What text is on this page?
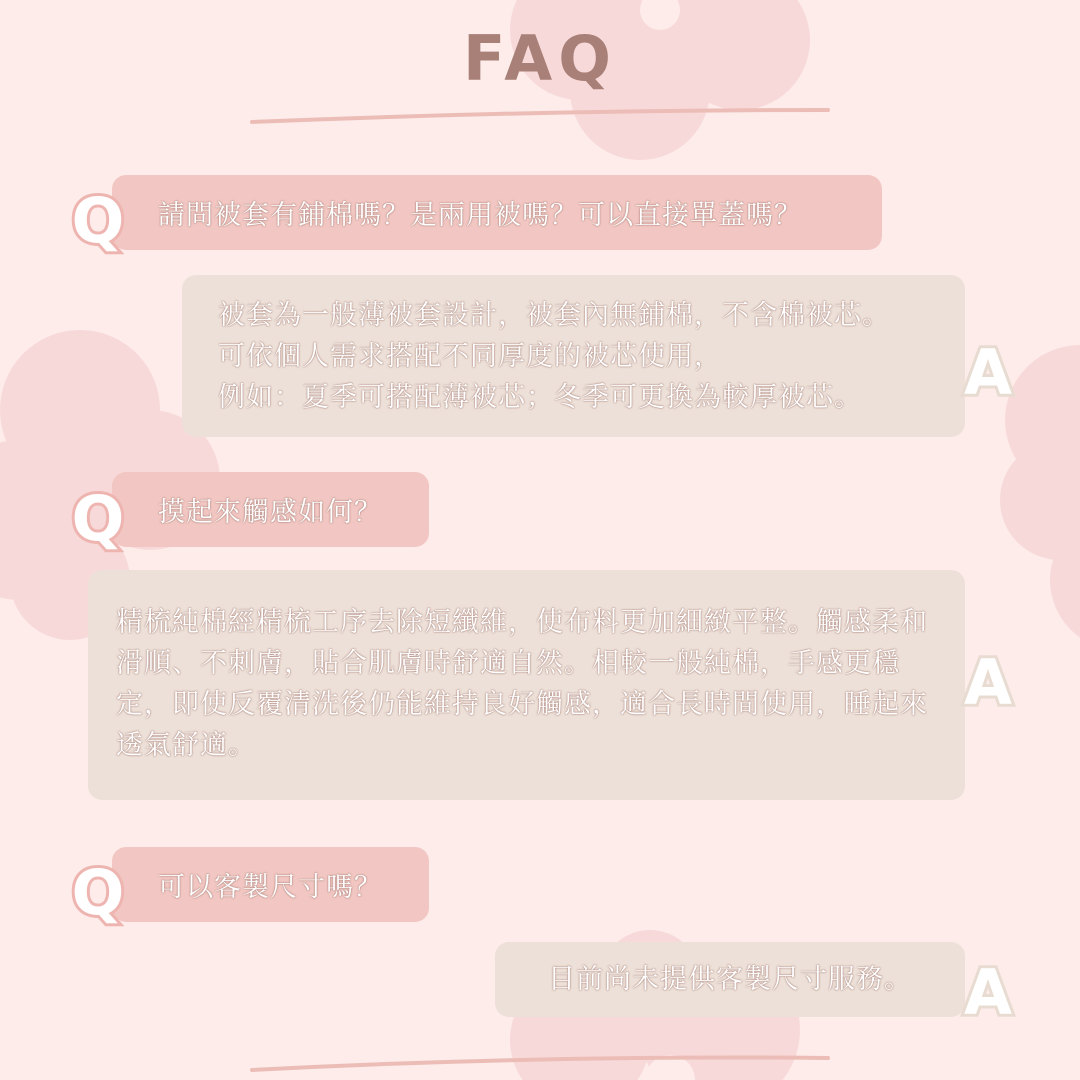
FAQ
請問被套有鋪棉嗎？是兩用被嗎？可以直接單蓋嗎？
Q

被套為一般薄被套設計，被套內無鋪棉，不含棉被芯。
可依個人需求搭配不同厚度的被芯使用，
例如：夏季可搭配薄被芯；冬季可更換為較厚被芯。	A
摸起來觸感如何？
Q

精梳純棉經精梳工序去除短纖維，使布料更加細緻平整。觸感柔和滑順、不刺膚，貼合肌膚時舒適自然。相較一般純棉，手感更穩定，即使反覆清洗後仍能維持良好觸感，適合長時間使用，睡起來透氣舒適。

A
可以客製尺寸嗎？
Q

目前尚未提供客製尺寸服務。 A
